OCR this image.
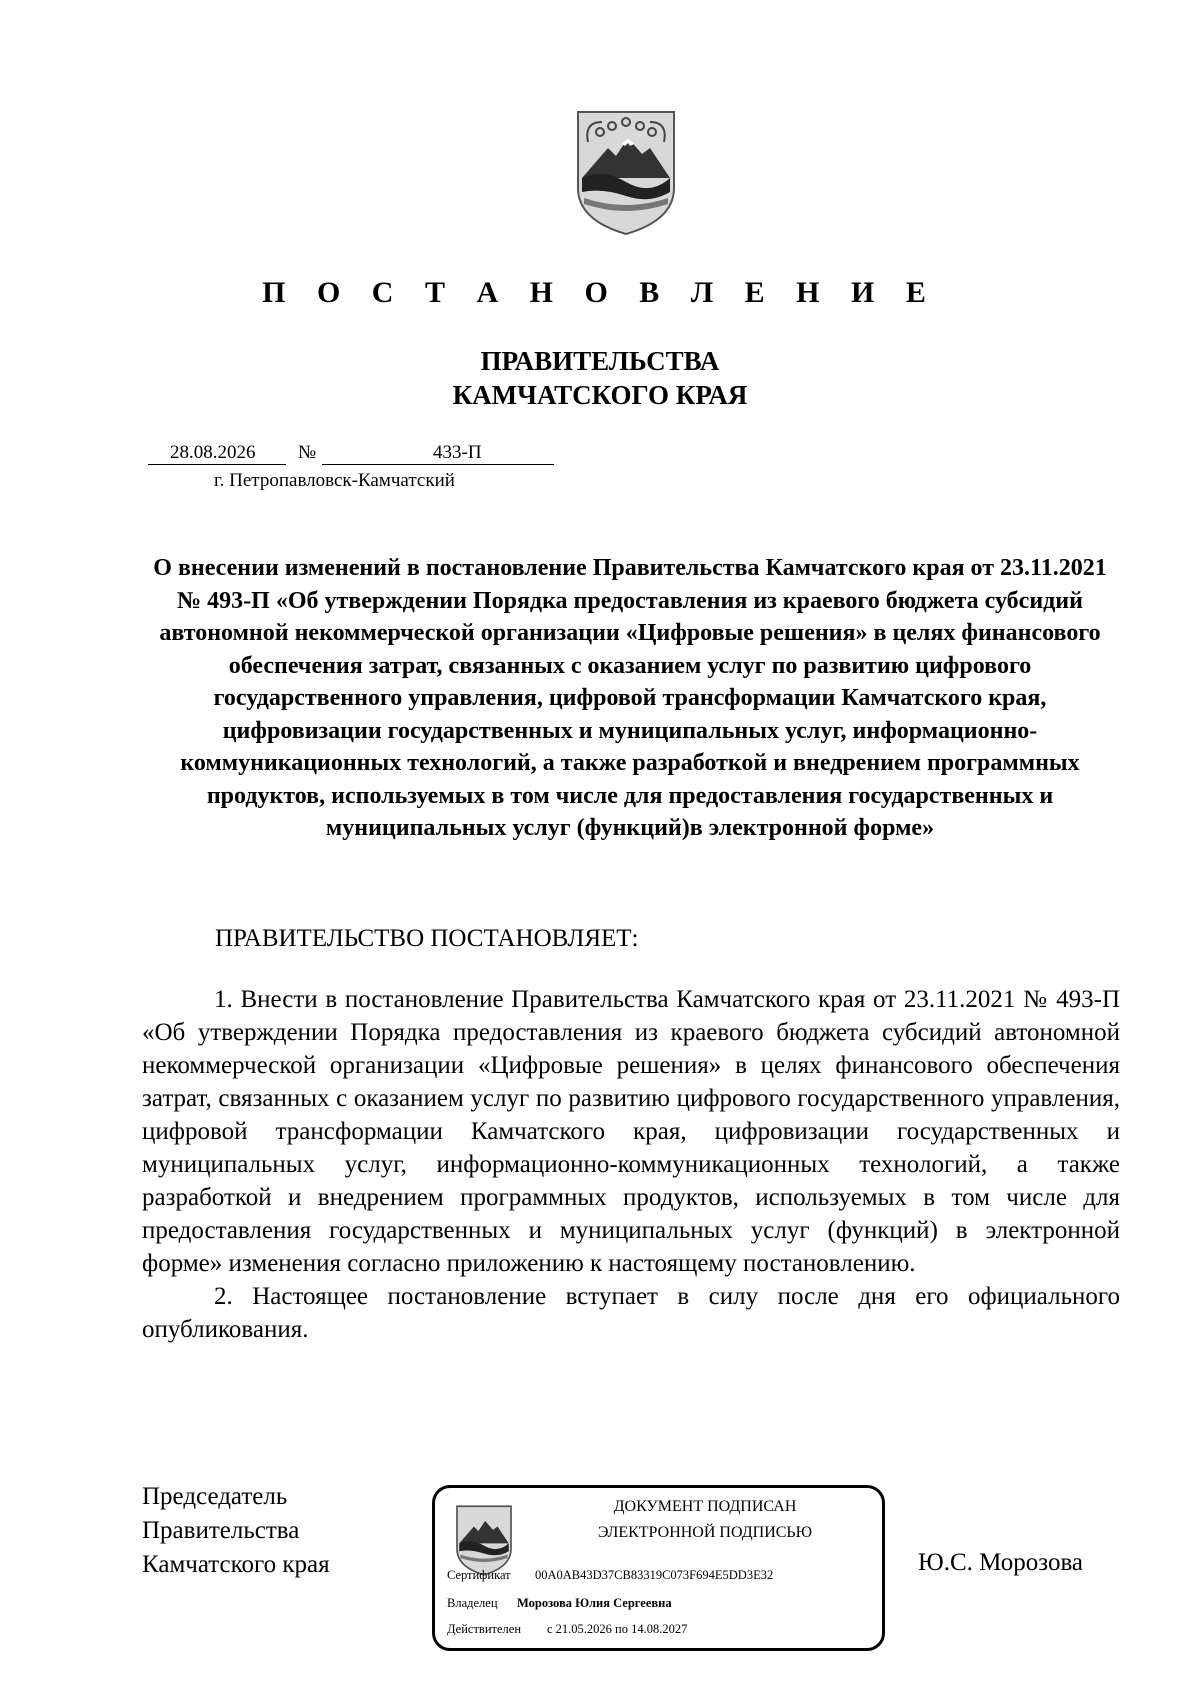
П О С Т А Н О В Л Е Н И Е
ПРАВИТЕЛЬСТВА
КАМЧАТСКОГО КРАЯ
28.08.2026 №	433-П
г. Петропавловск-Камчатский
О внесении изменений в постановление Правительства Камчатского края от 23.11.2021 № 493-П «Об утверждении Порядка предоставления из краевого бюджета субсидий автономной некоммерческой организации «Цифровые решения» в целях финансового обеспечения затрат, связанных с оказанием услуг по развитию цифрового государственного управления, цифровой трансформации Камчатского края, цифровизации государственных и муниципальных услуг, информационно-коммуникационных технологий, а также разработкой и внедрением программных продуктов, используемых в том числе для предоставления государственных и муниципальных услуг (функций)в электронной форме»
ПРАВИТЕЛЬСТВО ПОСТАНОВЛЯЕТ:

1. Внести в постановление Правительства Камчатского края от 23.11.2021 № 493-П «Об утверждении Порядка предоставления из краевого бюджета субсидий автономной некоммерческой организации «Цифровые решения» в целях финансового обеспечения затрат, связанных с оказанием услуг по развитию цифрового государственного управления, цифровой трансформации Камчатского края, цифровизации государственных и муниципальных услуг, информационно-коммуникационных технологий, а также разработкой и внедрением программных продуктов, используемых в том числе для предоставления государственных и муниципальных услуг (функций) в электронной форме» изменения согласно приложению к настоящему постановлению.

2. Настоящее постановление вступает в силу после дня его официального опубликования.

Председатель
Правительства
Камчатского края
ДОКУМЕНТ ПОДПИСАН
ЭЛЕКТРОННОЙ ПОДПИСЬЮ
Сертификат 00A0AB43D37CB83319C073F694E5DD3E32
Владелец Морозова Юлия Сергеевна
Действителен с 21.05.2026 по 14.08.2027
Ю.С. Морозова
